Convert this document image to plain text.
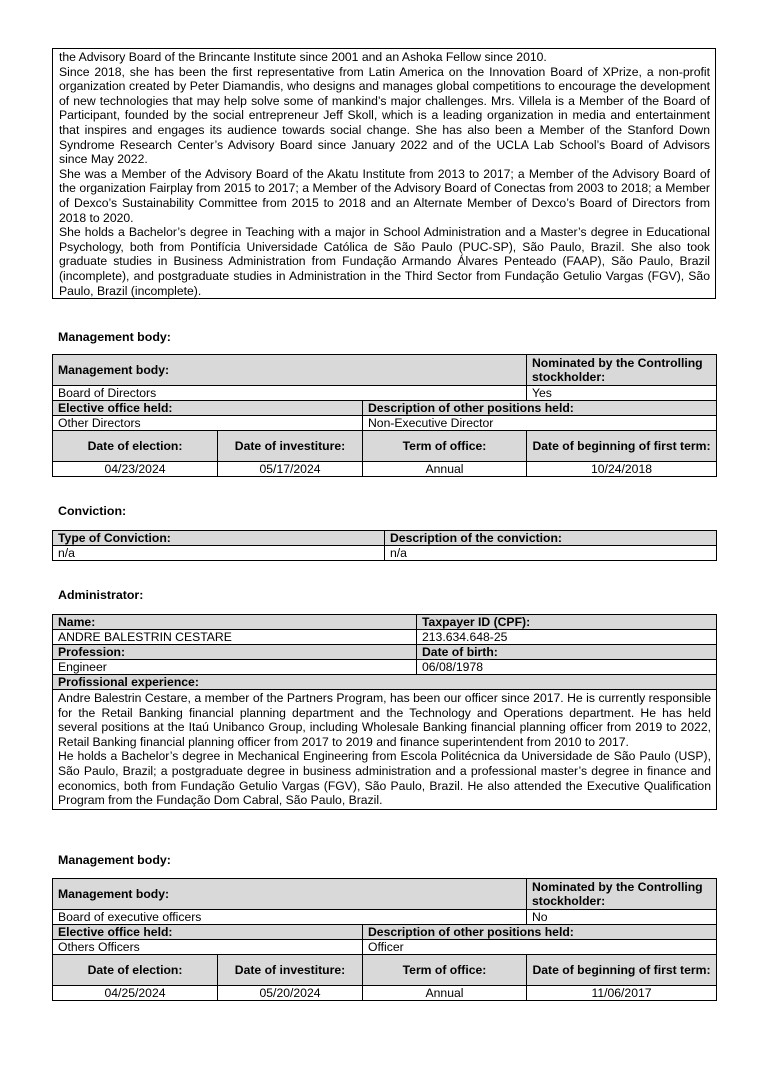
the Advisory Board of the Brincante Institute since 2001 and an Ashoka Fellow since 2010.

Since 2018, she has been the first representative from Latin America on the Innovation Board of XPrize, a non-profit organization created by Peter Diamandis, who designs and manages global competitions to encourage the development of new technologies that may help solve some of mankind’s major challenges. Mrs. Villela is a Member of the Board of Participant, founded by the social entrepreneur Jeff Skoll, which is a leading organization in media and entertainment that inspires and engages its audience towards social change. She has also been a Member of the Stanford Down Syndrome Research Center’s Advisory Board since January 2022 and of the UCLA Lab School’s Board of Advisors since May 2022.

She was a Member of the Advisory Board of the Akatu Institute from 2013 to 2017; a Member of the Advisory Board of the organization Fairplay from 2015 to 2017; a Member of the Advisory Board of Conectas from 2003 to 2018; a Member of Dexco’s Sustainability Committee from 2015 to 2018 and an Alternate Member of Dexco’s Board of Directors from 2018 to 2020.

She holds a Bachelor’s degree in Teaching with a major in School Administration and a Master’s degree in Educational Psychology, both from Pontifícia Universidade Católica de São Paulo (PUC-SP), São Paulo, Brazil. She also took graduate studies in Business Administration from Fundação Armando Álvares Penteado (FAAP), São Paulo, Brazil (incomplete), and postgraduate studies in Administration in the Third Sector from Fundação Getulio Vargas (FGV), São Paulo, Brazil (incomplete).

Management body:
Management body:			Nominated by the Controlling stockholder:
Board of Directors			Yes
Elective office held:		Description of other positions held:	
Other Directors		Non-Executive Director	
Date of election:	Date of investiture:	Term of office:	Date of beginning of first term:
04/23/2024	05/17/2024	Annual	10/24/2018
Conviction:
Type of Conviction:	Description of the conviction:
n/a	n/a
Administrator:
Name:	Taxpayer ID (CPF):
ANDRE BALESTRIN CESTARE	213.634.648-25
Profession:	Date of birth:
Engineer	06/08/1978
Profissional experience:	

Andre Balestrin Cestare, a member of the Partners Program, has been our officer since 2017. He is currently responsible for the Retail Banking financial planning department and the Technology and Operations department. He has held several positions at the Itaú Unibanco Group, including Wholesale Banking financial planning officer from 2019 to 2022, Retail Banking financial planning officer from 2017 to 2019 and finance superintendent from 2010 to 2017.
He holds a Bachelor’s degree in Mechanical Engineering from Escola Politécnica da Universidade de São Paulo (USP), São Paulo, Brazil; a postgraduate degree in business administration and a professional master’s degree in finance and economics, both from Fundação Getulio Vargas (FGV), São Paulo, Brazil. He also attended the Executive Qualification Program from the Fundação Dom Cabral, São Paulo, Brazil.	
Management body:
Management body:			Nominated by the Controlling stockholder:
Board of executive officers			No
Elective office held:		Description of other positions held:	
Others Officers		Officer	
Date of election:	Date of investiture:	Term of office:	Date of beginning of first term:
04/25/2024	05/20/2024	Annual	11/06/2017
